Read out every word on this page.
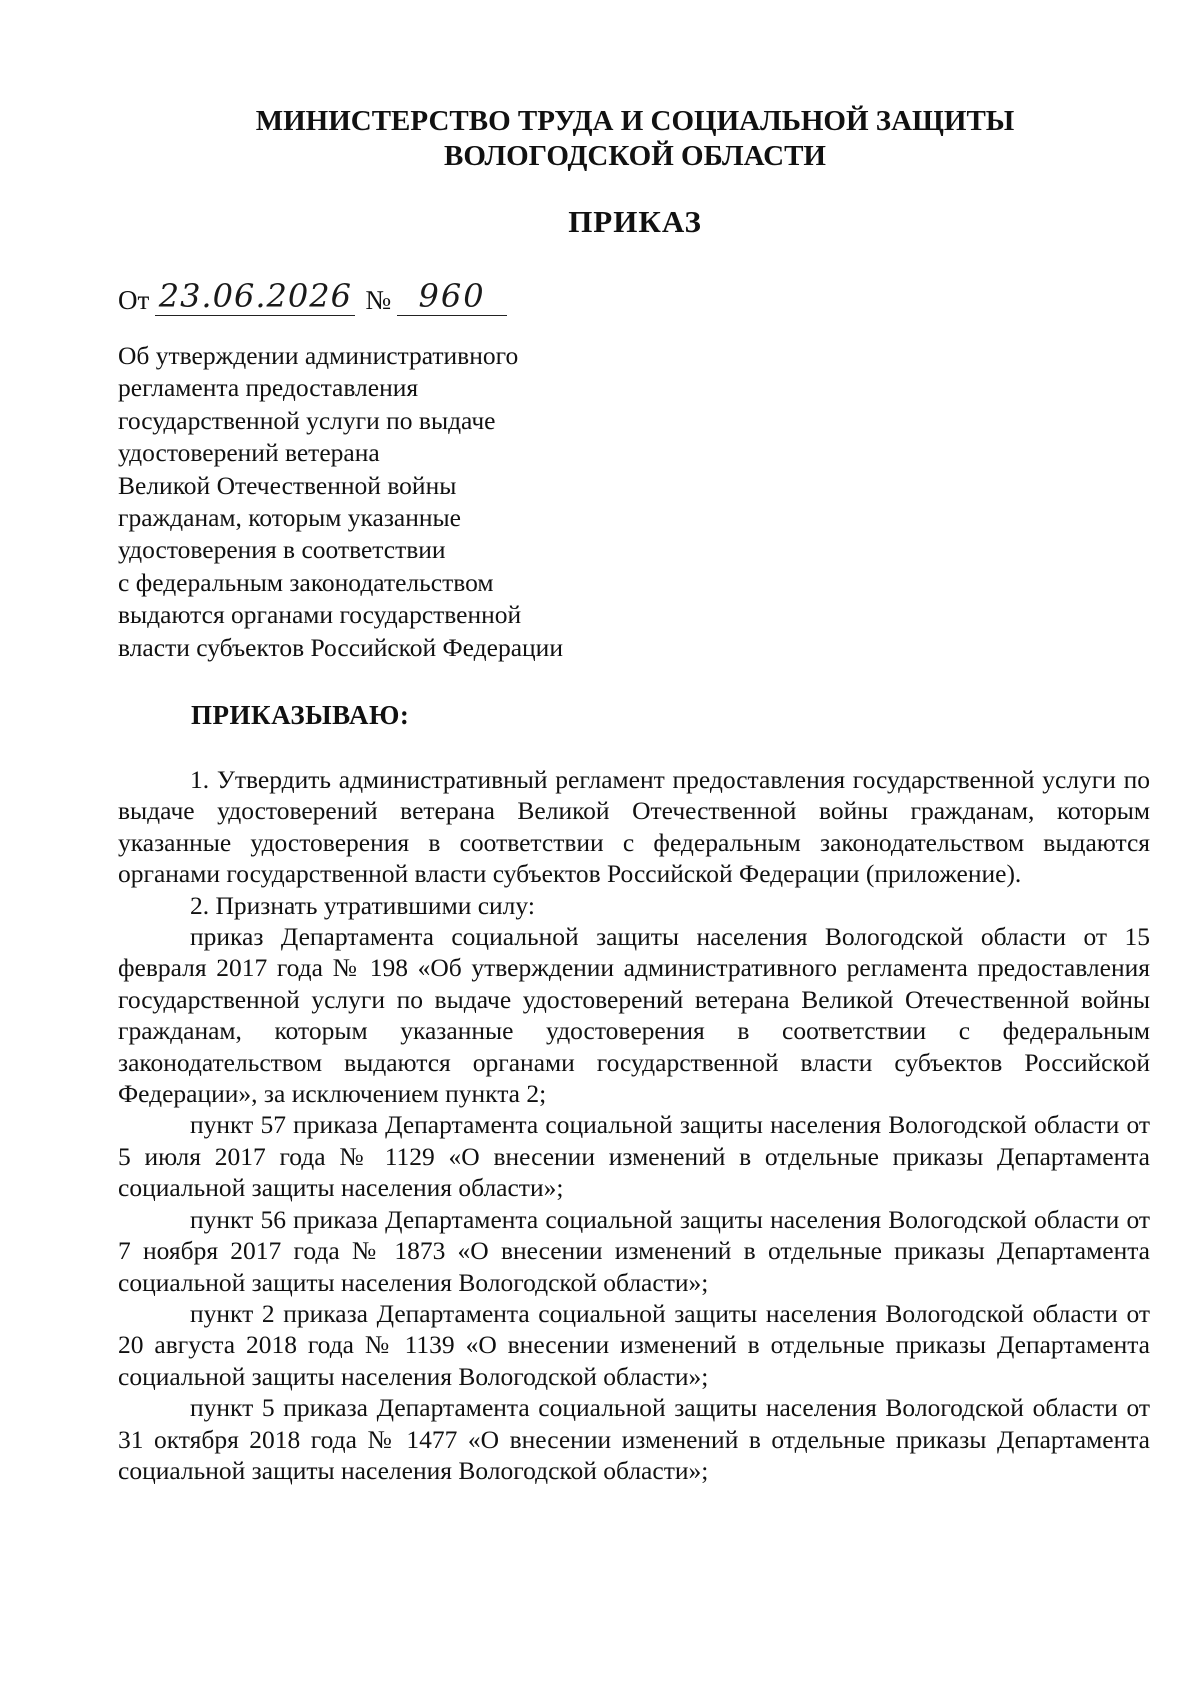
МИНИСТЕРСТВО ТРУДА И СОЦИАЛЬНОЙ ЗАЩИТЫ
ВОЛОГОДСКОЙ ОБЛАСТИ
ПРИКАЗ
От 23.06.2026 № 960
Об утверждении административного
регламента предоставления
государственной услуги по выдаче
удостоверений ветерана
Великой Отечественной войны
гражданам, которым указанные
удостоверения в соответствии
с федеральным законодательством
выдаются органами государственной
власти субъектов Российской Федерации
ПРИКАЗЫВАЮ:

1. Утвердить административный регламент предоставления государственной услуги по выдаче удостоверений ветерана Великой Отечественной войны гражданам, которым указанные удостоверения в соответствии с федеральным законодательством выдаются органами государственной власти субъектов Российской Федерации (приложение).

2. Признать утратившими силу:

приказ Департамента социальной защиты населения Вологодской области от 15 февраля 2017 года № 198 «Об утверждении административного регламента предоставления государственной услуги по выдаче удостоверений ветерана Великой Отечественной войны гражданам, которым указанные удостоверения в соответствии с федеральным законодательством выдаются органами государственной власти субъектов Российской Федерации», за исключением пункта 2;

пункт 57 приказа Департамента социальной защиты населения Вологодской области от 5 июля 2017 года № 1129 «О внесении изменений в отдельные приказы Департамента социальной защиты населения области»;

пункт 56 приказа Департамента социальной защиты населения Вологодской области от 7 ноября 2017 года № 1873 «О внесении изменений в отдельные приказы Департамента социальной защиты населения Вологодской области»;

пункт 2 приказа Департамента социальной защиты населения Вологодской области от 20 августа 2018 года № 1139 «О внесении изменений в отдельные приказы Департамента социальной защиты населения Вологодской области»;

пункт 5 приказа Департамента социальной защиты населения Вологодской области от 31 октября 2018 года № 1477 «О внесении изменений в отдельные приказы Департамента социальной защиты населения Вологодской области»;
